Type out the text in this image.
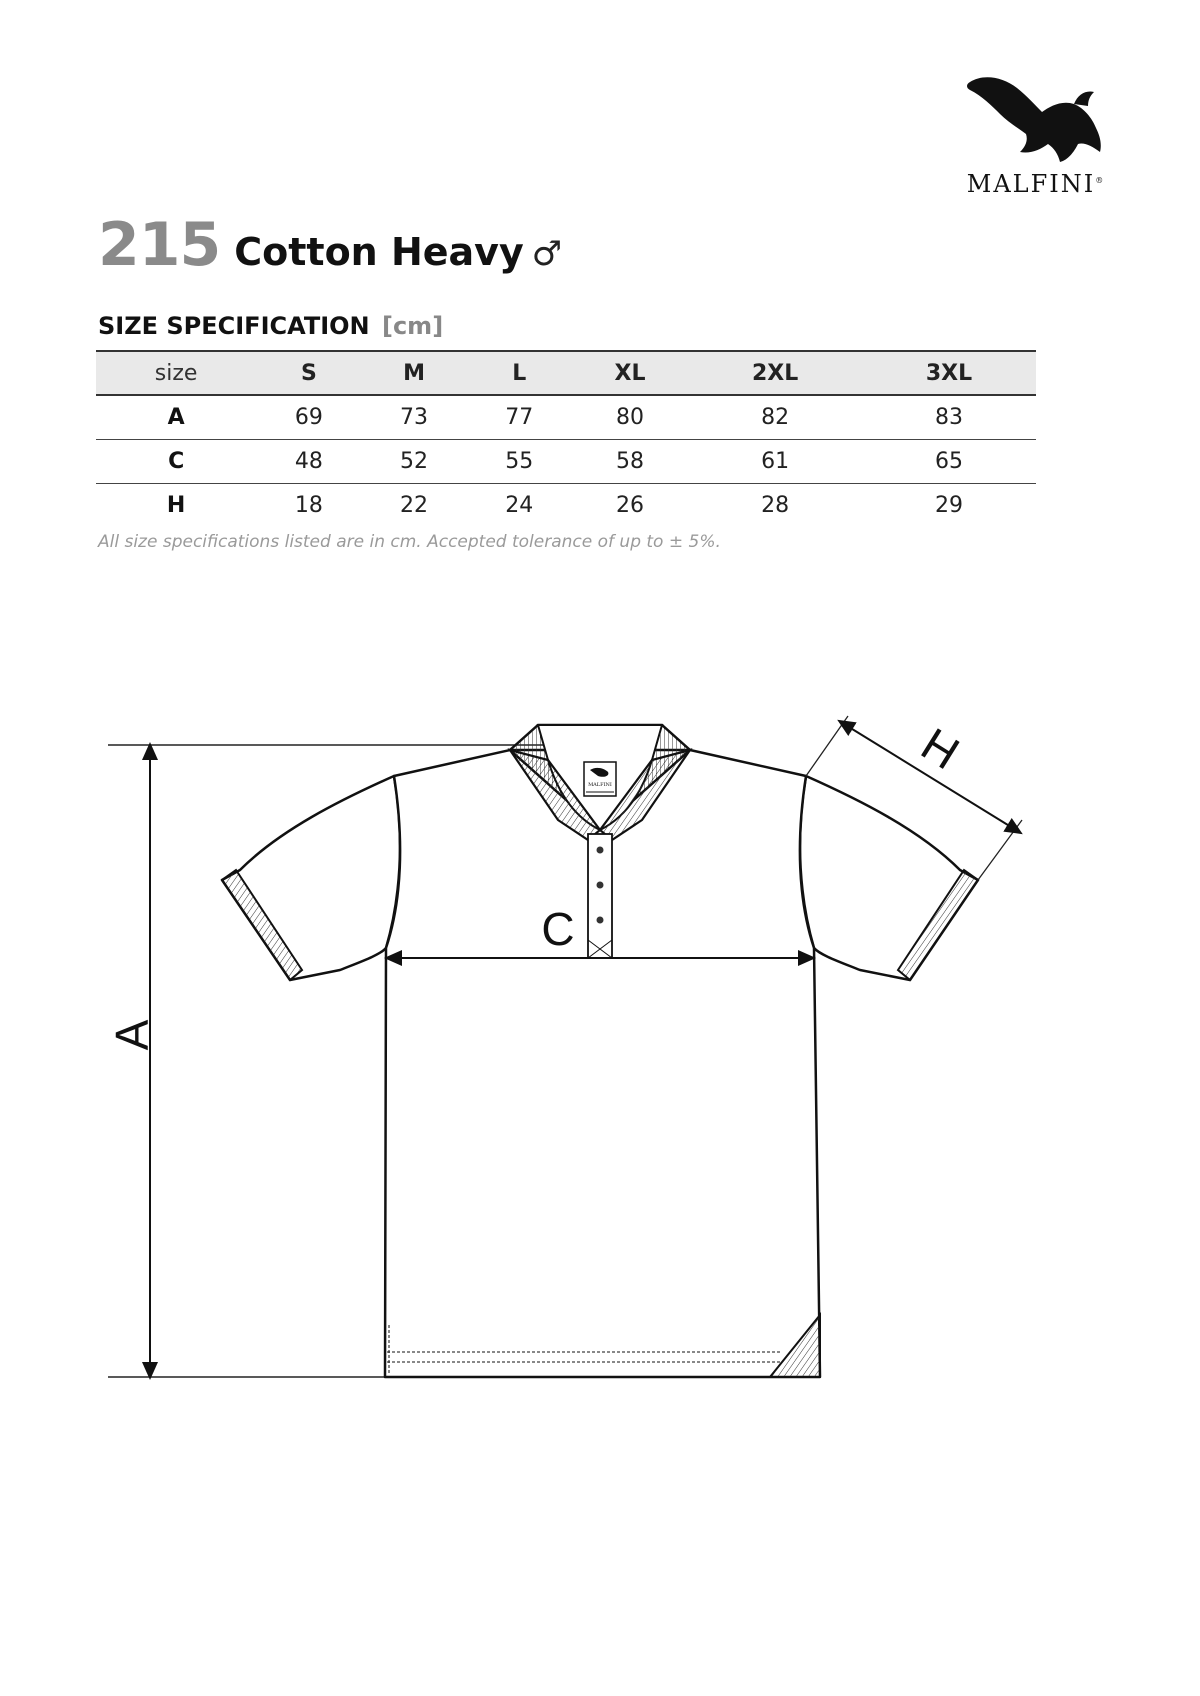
MALFINI®
215 Cotton Heavy ♂
SIZE SPECIFICATION [cm]
size	S	M	L	XL	2XL	3XL
A	69	73	77	80	82	83
C	48	52	55	58	61	65
H	18	22	24	26	28	29
All size specifications listed are in cm. Accepted tolerance of up to ± 5%.
A
MALFINI
C
H
